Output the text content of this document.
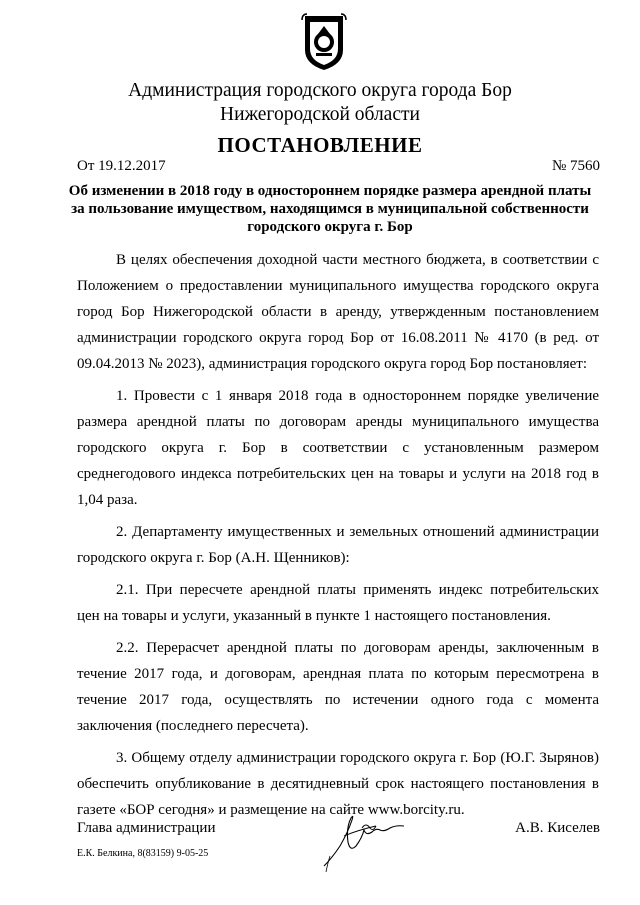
Администрация городского округа города Бор
Нижегородской области
ПОСТАНОВЛЕНИЕ
От 19.12.2017	№ 7560
Об изменении в 2018 году в одностороннем порядке размера арендной платы
за пользование имуществом, находящимся в муниципальной собственности
городского округа г. Бор

В целях обеспечения доходной части местного бюджета, в соответствии с Положением о предоставлении муниципального имущества городского округа город Бор Нижегородской области в аренду, утвержденным постановлением администрации городского округа город Бор от 16.08.2011 № 4170 (в ред. от 09.04.2013 № 2023), администрация городского округа город Бор постановляет:

1. Провести с 1 января 2018 года в одностороннем порядке увеличение размера арендной платы по договорам аренды муниципального имущества городского округа г. Бор в соответствии с установленным размером среднегодового индекса потребительских цен на товары и услуги на 2018 год в 1,04 раза.

2. Департаменту имущественных и земельных отношений администрации городского округа г. Бор (А.Н. Щенников):

2.1. При пересчете арендной платы применять индекс потребительских цен на товары и услуги, указанный в пункте 1 настоящего постановления.

2.2. Перерасчет арендной платы по договорам аренды, заключенным в течение 2017 года, и договорам, арендная плата по которым пересмотрена в течение 2017 года, осуществлять по истечении одного года с момента заключения (последнего пересчета).

3. Общему отделу администрации городского округа г. Бор (Ю.Г. Зырянов) обеспечить опубликование в десятидневный срок настоящего постановления в газете «БОР сегодня» и размещение на сайте www.borcity.ru.

Глава администрации	А.В. Киселев
Е.К. Белкина, 8(83159) 9-05-25
